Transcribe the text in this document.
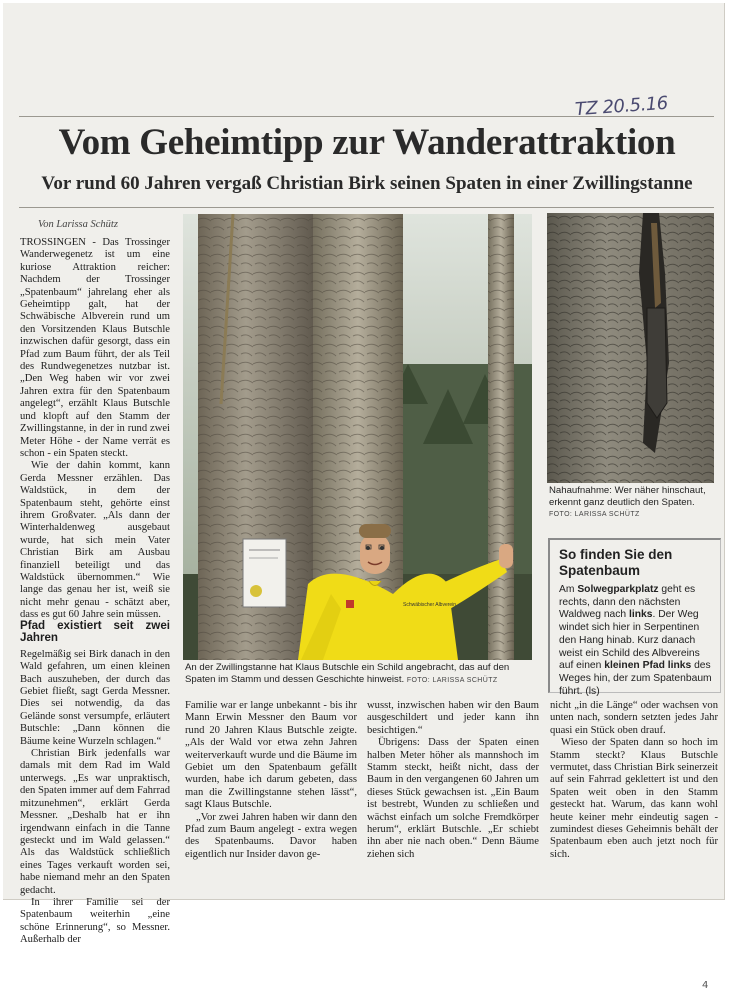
TZ 20.5.16
Vom Geheimtipp zur Wanderattraktion
Vor rund 60 Jahren vergaß Christian Birk seinen Spaten in einer Zwillingstanne
Von Larissa Schütz

TROSSINGEN - Das Trossinger Wanderwegenetz ist um eine kuriose Attraktion reicher: Nachdem der Trossinger „Spatenbaum“ jahrelang eher als Geheimtipp galt, hat der Schwäbische Albverein rund um den Vorsitzenden Klaus Butschle inzwischen dafür gesorgt, dass ein Pfad zum Baum führt, der als Teil des Rundwegenetzes nutzbar ist. „Den Weg haben wir vor zwei Jahren extra für den Spatenbaum angelegt“, erzählt Klaus Butschle und klopft auf den Stamm der Zwillingstanne, in der in rund zwei Meter Höhe - der Name verrät es schon - ein Spaten steckt.

Wie der dahin kommt, kann Gerda Messner erzählen. Das Waldstück, in dem der Spatenbaum steht, gehörte einst ihrem Großvater. „Als dann der Winterhaldenweg ausgebaut wurde, hat sich mein Vater Christian Birk am Ausbau finanziell beteiligt und das Waldstück übernommen.“ Wie lange das genau her ist, weiß sie nicht mehr genau - schätzt aber, dass es gut 60 Jahre sein müssen.

Pfad existiert seit zwei Jahren

Regelmäßig sei Birk danach in den Wald gefahren, um einen kleinen Bach auszuheben, der durch das Gebiet fließt, sagt Gerda Messner. Dies sei notwendig, da das Gelände sonst versumpfe, erläutert Butschle: „Dann können die Bäume keine Wurzeln schlagen.“

Christian Birk jedenfalls war damals mit dem Rad im Wald unterwegs. „Es war unpraktisch, den Spaten immer auf dem Fahrrad mitzunehmen“, erklärt Gerda Messner. „Deshalb hat er ihn irgendwann einfach in die Tanne gesteckt und im Wald gelassen.“ Als das Waldstück schließlich eines Tages verkauft worden sei, habe niemand mehr an den Spaten gedacht.

In ihrer Familie sei der Spatenbaum weiterhin „eine schöne Erinnerung“, so Messner. Außerhalb der

Schwäbischer Albverein
An der Zwillingstanne hat Klaus Butschle ein Schild angebracht, das auf den Spaten im Stamm und dessen Geschichte hinweist. FOTO: LARISSA SCHÜTZ
Nahaufnahme: Wer näher hinschaut, erkennt ganz deutlich den Spaten. FOTO: LARISSA SCHÜTZ
So finden Sie den Spatenbaum

Am Solwegparkplatz geht es rechts, dann den nächsten Waldweg nach links. Der Weg windet sich hier in Serpentinen den Hang hinab. Kurz danach weist ein Schild des Albvereins auf einen kleinen Pfad links des Weges hin, der zum Spatenbaum führt. (ls)

Familie war er lange unbekannt - bis ihr Mann Erwin Messner den Baum vor rund 20 Jahren Klaus Butschle zeigte. „Als der Wald vor etwa zehn Jahren weiterverkauft wurde und die Bäume im Gebiet um den Spatenbaum gefällt wurden, habe ich darum gebeten, dass man die Zwillingstanne stehen lässt“, sagt Klaus Butschle.

„Vor zwei Jahren haben wir dann den Pfad zum Baum angelegt - extra wegen des Spatenbaums. Davor haben eigentlich nur Insider davon ge-

wusst, inzwischen haben wir den Baum ausgeschildert und jeder kann ihn besichtigen.“

Übrigens: Dass der Spaten einen halben Meter höher als mannshoch im Stamm steckt, heißt nicht, dass der Baum in den vergangenen 60 Jahren um dieses Stück gewachsen ist. „Ein Baum ist bestrebt, Wunden zu schließen und wächst einfach um solche Fremdkörper herum“, erklärt Butschle. „Er schiebt ihn aber nie nach oben.“ Denn Bäume ziehen sich

nicht „in die Länge“ oder wachsen von unten nach, sondern setzten jedes Jahr quasi ein Stück oben drauf.

Wieso der Spaten dann so hoch im Stamm steckt? Klaus Butschle vermutet, dass Christian Birk seinerzeit auf sein Fahrrad geklettert ist und den Spaten weit oben in den Stamm gesteckt hat. Warum, das kann wohl heute keiner mehr eindeutig sagen - zumindest dieses Geheimnis behält der Spatenbaum eben auch jetzt noch für sich.

4
